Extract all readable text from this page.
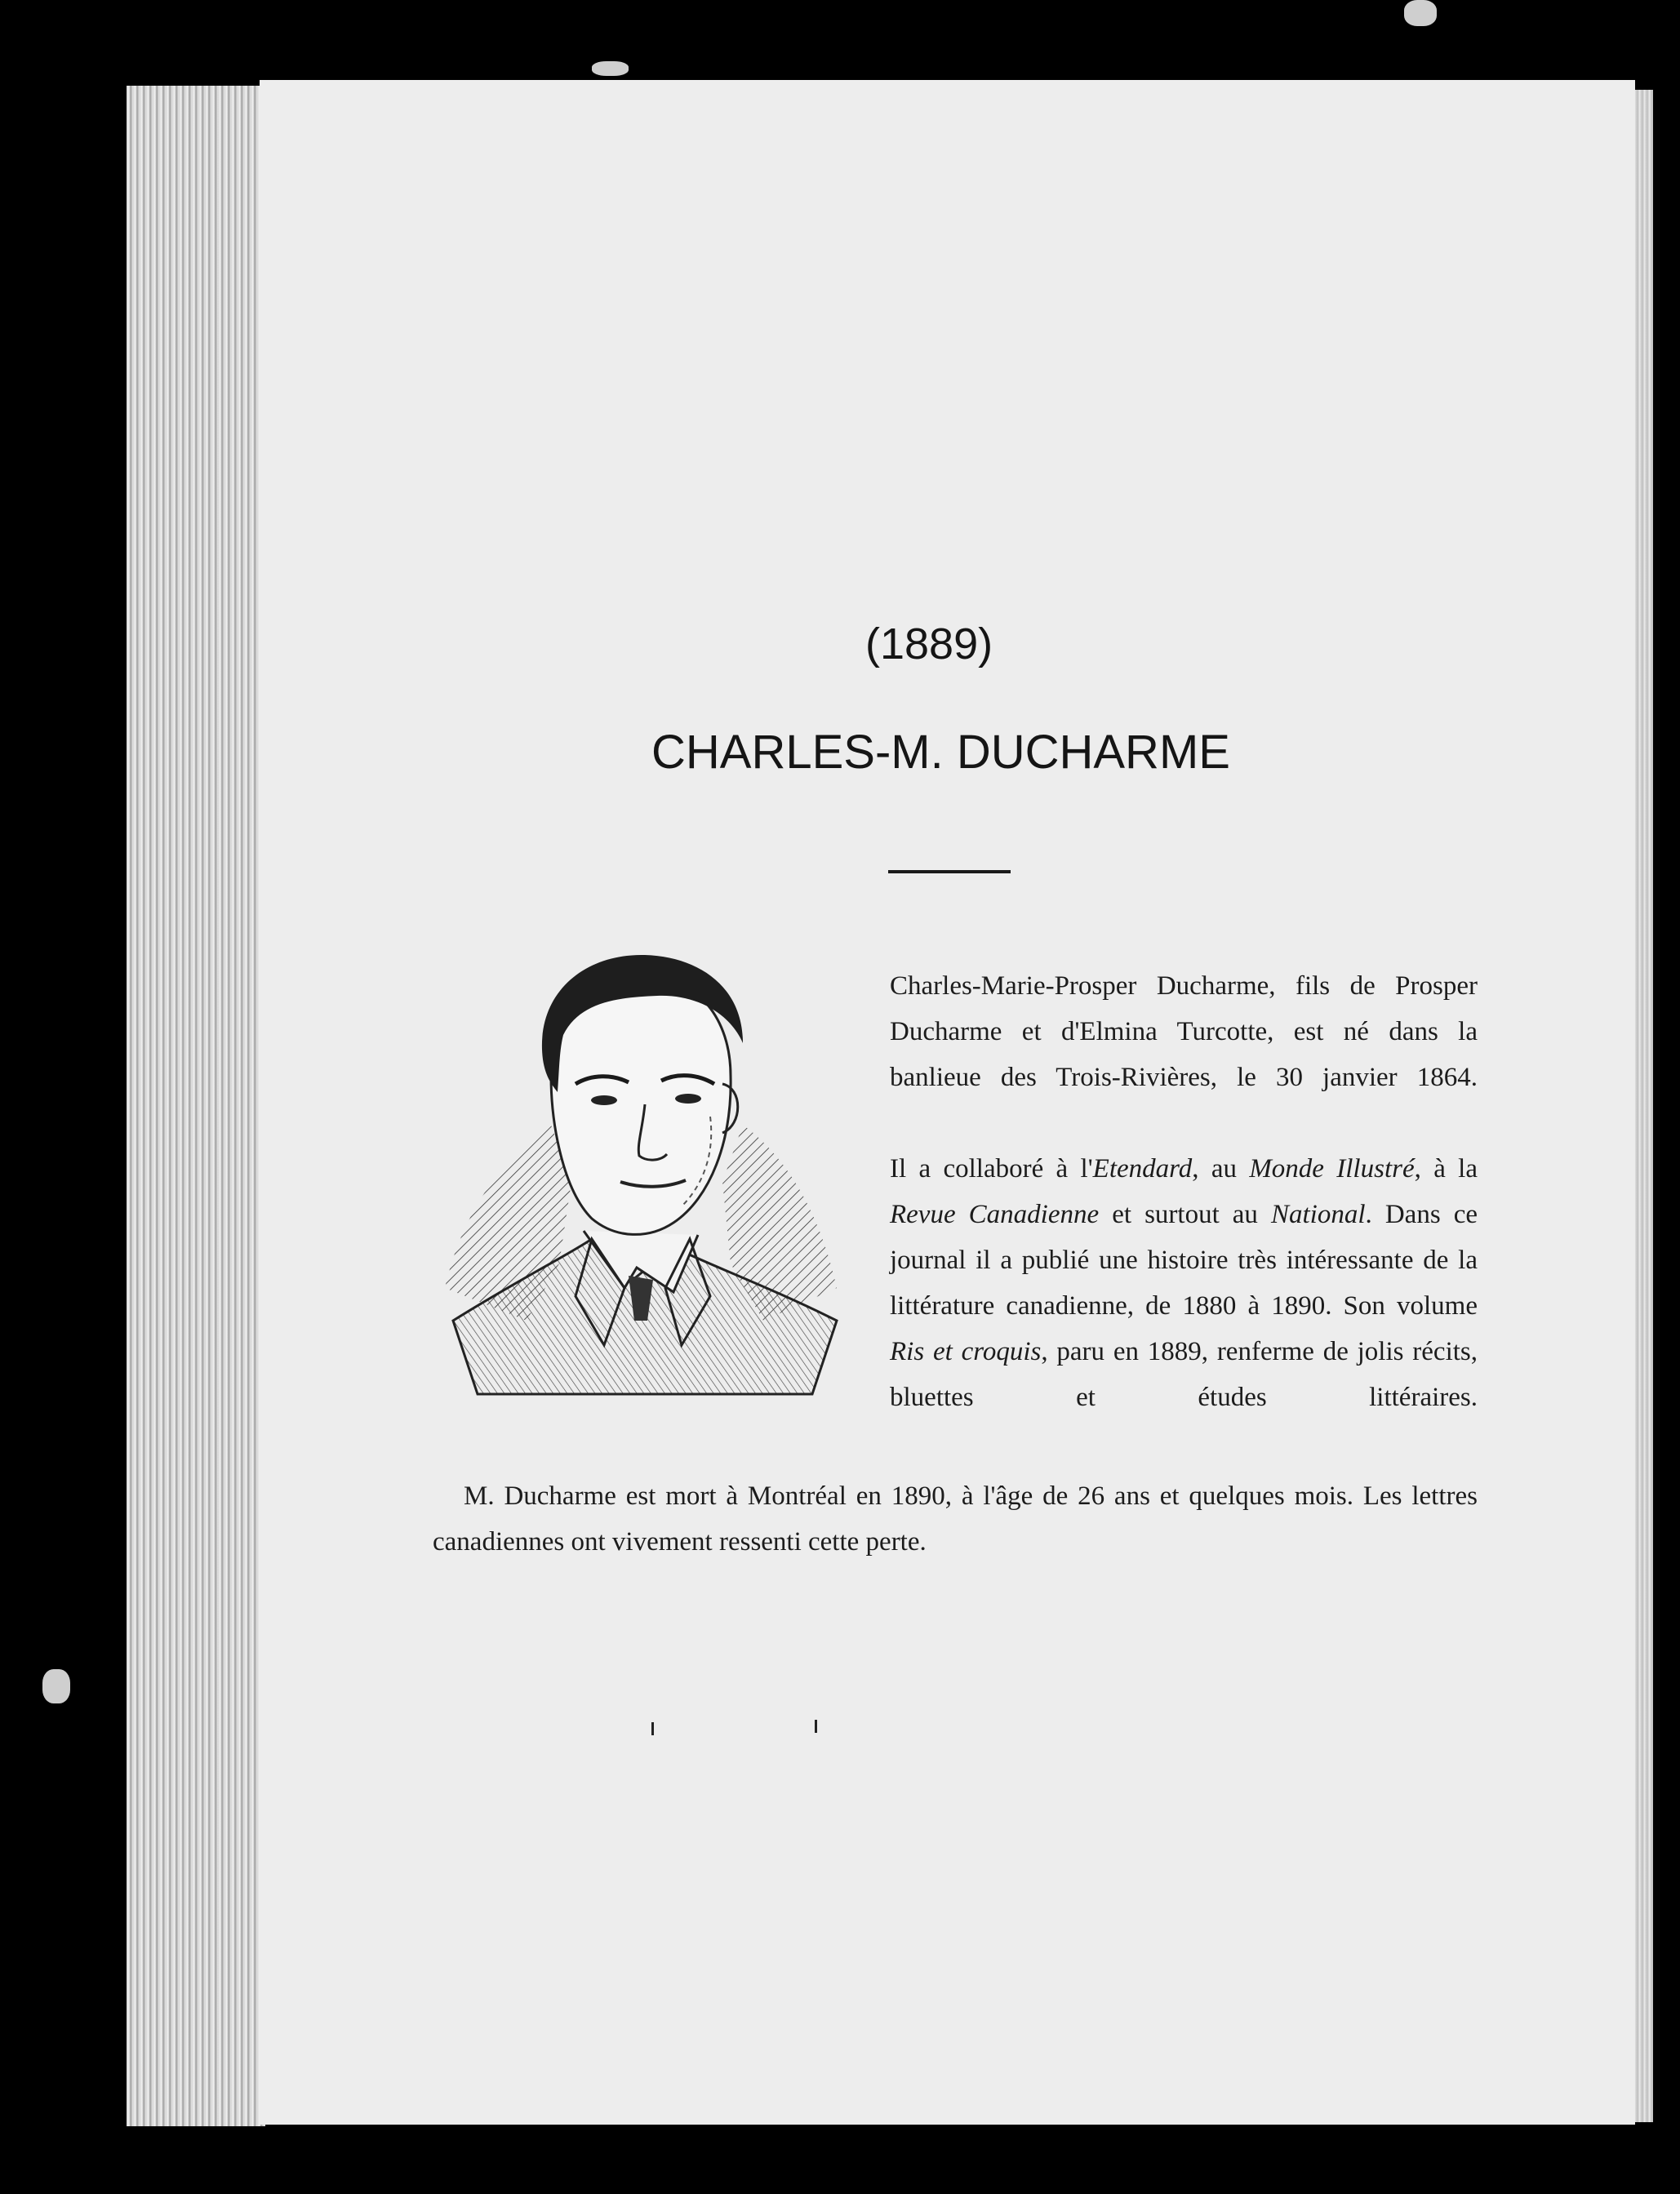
(1889)

CHARLES-M. DUCHARME

Charles-Marie-Prosper Ducharme, fils de Prosper Ducharme et d'Elmina Turcotte, est né dans la banlieue des Trois-Rivières, le 30 janvier 1864.

Il a collaboré à l'Etendard, au Monde Illustré, à la Revue Canadienne et surtout au National. Dans ce journal il a publié une histoire très intéressante de la littérature canadienne, de 1880 à 1890. Son volume Ris et croquis, paru en 1889, renferme de jolis récits, bluettes et études littéraires.

M. Ducharme est mort à Montréal en 1890, à l'âge de 26 ans et quelques mois. Les lettres canadiennes ont vivement ressenti cette perte.
